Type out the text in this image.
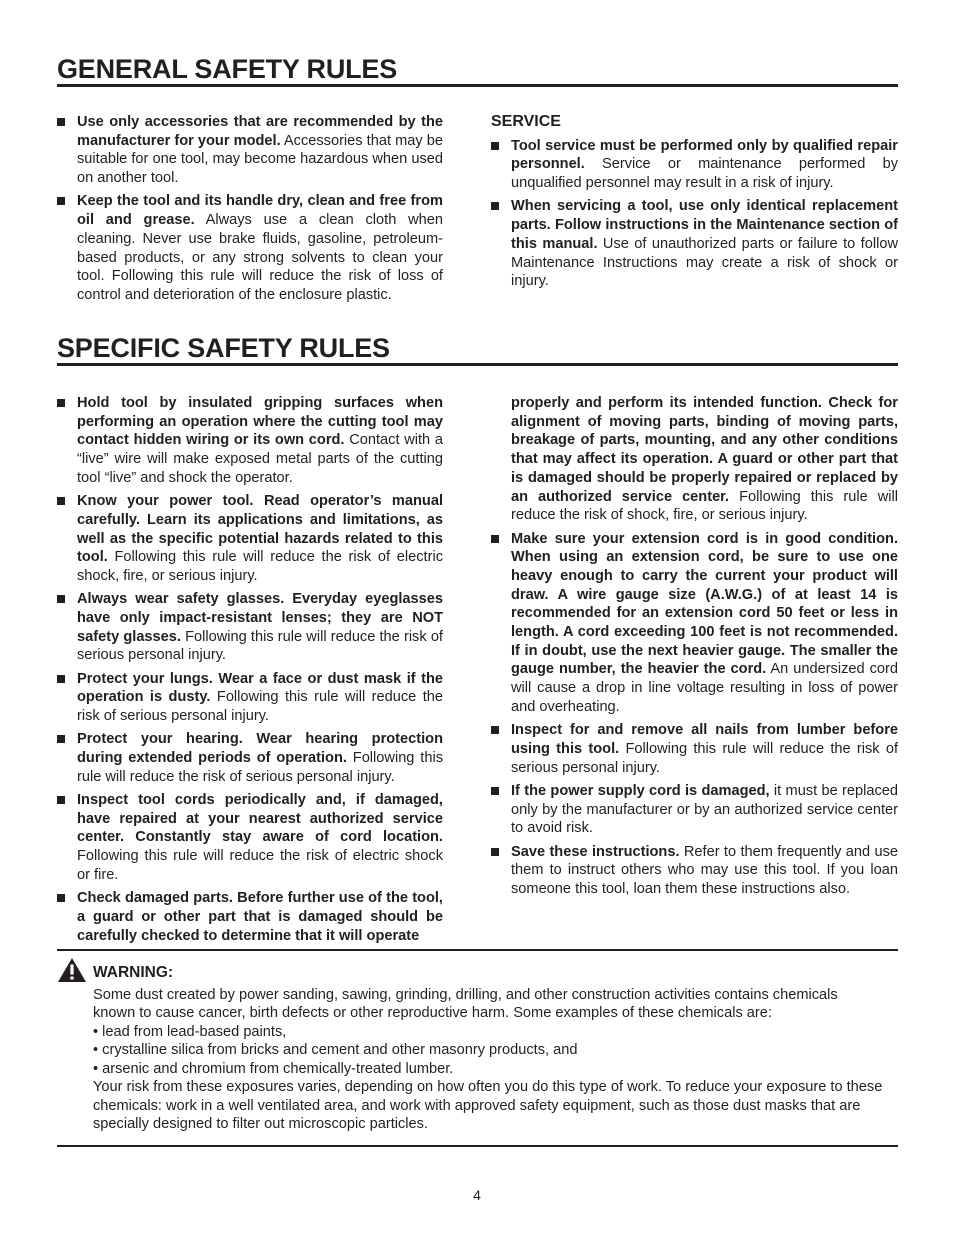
GENERAL SAFETY RULES
Use only accessories that are recommended by the manufacturer for your model. Accessories that may be suitable for one tool, may become hazardous when used on another tool.
Keep the tool and its handle dry, clean and free from oil and grease. Always use a clean cloth when cleaning. Never use brake fluids, gasoline, petroleum-based products, or any strong solvents to clean your tool. Following this rule will reduce the risk of loss of control and deterioration of the enclosure plastic.
SERVICE
Tool service must be performed only by qualified repair personnel. Service or maintenance performed by unqualified personnel may result in a risk of injury.
When servicing a tool, use only identical replacement parts. Follow instructions in the Maintenance section of this manual. Use of unauthorized parts or failure to follow Maintenance Instructions may create a risk of shock or injury.
SPECIFIC SAFETY RULES
Hold tool by insulated gripping surfaces when performing an operation where the cutting tool may contact hidden wiring or its own cord. Contact with a “live” wire will make exposed metal parts of the cutting tool “live” and shock the operator.
Know your power tool. Read operator’s manual carefully. Learn its applications and limitations, as well as the specific potential hazards related to this tool. Following this rule will reduce the risk of electric shock, fire, or serious injury.
Always wear safety glasses. Everyday eyeglasses have only impact-resistant lenses; they are NOT safety glasses. Following this rule will reduce the risk of serious personal injury.
Protect your lungs. Wear a face or dust mask if the operation is dusty. Following this rule will reduce the risk of serious personal injury.
Protect your hearing. Wear hearing protection during extended periods of operation. Following this rule will reduce the risk of serious personal injury.
Inspect tool cords periodically and, if damaged, have repaired at your nearest authorized service center. Constantly stay aware of cord location. Following this rule will reduce the risk of electric shock or fire.
Check damaged parts. Before further use of the tool, a guard or other part that is damaged should be carefully checked to determine that it will operate
properly and perform its intended function. Check for alignment of moving parts, binding of moving parts, breakage of parts, mounting, and any other conditions that may affect its operation. A guard or other part that is damaged should be properly repaired or replaced by an authorized service center. Following this rule will reduce the risk of shock, fire, or serious injury.
Make sure your extension cord is in good condition. When using an extension cord, be sure to use one heavy enough to carry the current your product will draw. A wire gauge size (A.W.G.) of at least 14 is recommended for an extension cord 50 feet or less in length. A cord exceeding 100 feet is not recommended. If in doubt, use the next heavier gauge. The smaller the gauge number, the heavier the cord. An undersized cord will cause a drop in line voltage resulting in loss of power and overheating.
Inspect for and remove all nails from lumber before using this tool. Following this rule will reduce the risk of serious personal injury.
If the power supply cord is damaged, it must be replaced only by the manufacturer or by an authorized service center to avoid risk.
Save these instructions. Refer to them frequently and use them to instruct others who may use this tool. If you loan someone this tool, loan them these instructions also.
WARNING:
Some dust created by power sanding, sawing, grinding, drilling, and other construction activities contains chemicals known to cause cancer, birth defects or other reproductive harm. Some examples of these chemicals are:
• lead from lead-based paints,
• crystalline silica from bricks and cement and other masonry products, and
• arsenic and chromium from chemically-treated lumber.
Your risk from these exposures varies, depending on how often you do this type of work. To reduce your exposure to these chemicals: work in a well ventilated area, and work with approved safety equipment, such as those dust masks that are specially designed to filter out microscopic particles.
4
